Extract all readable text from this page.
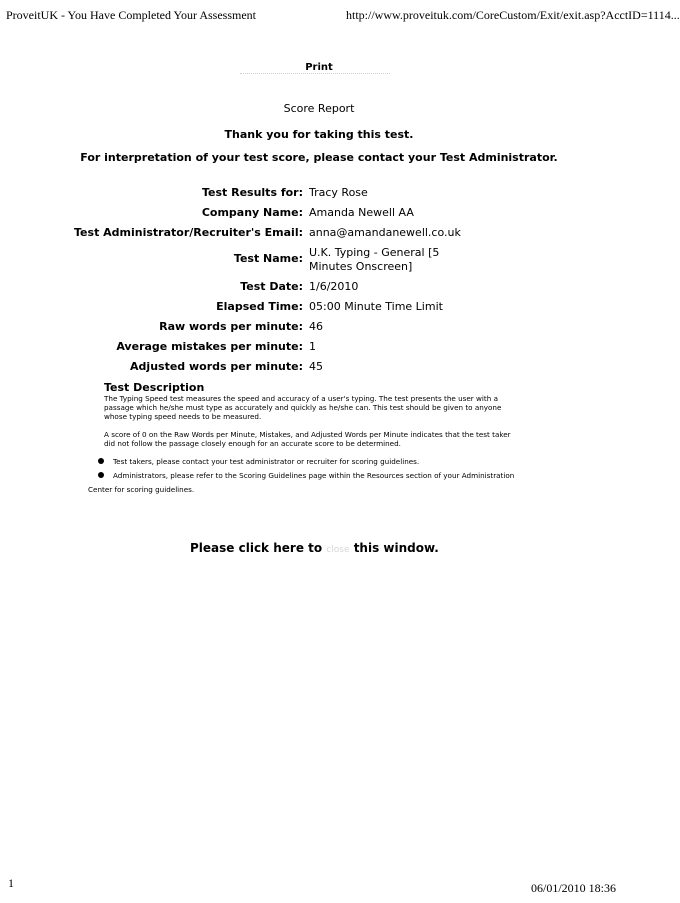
ProveitUK - You Have Completed Your Assessment	http://www.proveituk.com/CoreCustom/Exit/exit.asp?AcctID=1114...
Print
Score Report
Thank you for taking this test.
For interpretation of your test score, please contact your Test Administrator.
Test Results for: Tracy Rose
Company Name: Amanda Newell AA
Test Administrator/Recruiter's Email: anna@amandanewell.co.uk
Test Name: U.K. Typing - General [5 Minutes Onscreen]
Test Date: 1/6/2010
Elapsed Time: 05:00 Minute Time Limit
Raw words per minute: 46
Average mistakes per minute: 1
Adjusted words per minute: 45
Test Description

The Typing Speed test measures the speed and accuracy of a user's typing. The test presents the user with a passage which he/she must type as accurately and quickly as he/she can. This test should be given to anyone whose typing speed needs to be measured.

A score of 0 on the Raw Words per Minute, Mistakes, and Adjusted Words per Minute indicates that the test taker did not follow the passage closely enough for an accurate score to be determined.

Test takers, please contact your test administrator or recruiter for scoring guidelines.
Administrators, please refer to the Scoring Guidelines page within the Resources section of your Administration
Center for scoring guidelines.
Please click here to close this window.
1	06/01/2010 18:36
